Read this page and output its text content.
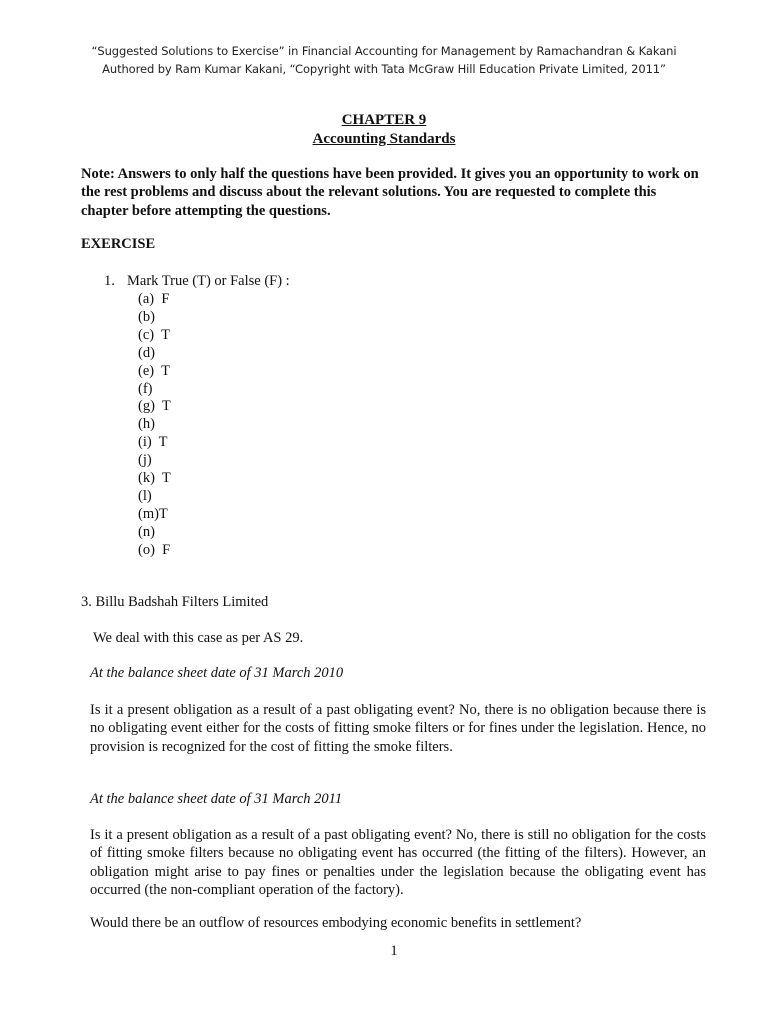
“Suggested Solutions to Exercise” in Financial Accounting for Management by Ramachandran & Kakani
Authored by Ram Kumar Kakani, “Copyright with Tata McGraw Hill Education Private Limited, 2011”
CHAPTER 9
Accounting Standards
Note: Answers to only half the questions have been provided. It gives you an opportunity to work on the rest problems and discuss about the relevant solutions. You are requested to complete this chapter before attempting the questions.
EXERCISE
1. Mark True (T) or False (F) :
(a)  F
(b)
(c)  T
(d)
(e)  T
(f)
(g)  T
(h)
(i)  T
(j)
(k)  T
(l)
(m)T
(n)
(o)  F
3. Billu Badshah Filters Limited
We deal with this case as per AS 29.
At the balance sheet date of 31 March 2010
Is it a present obligation as a result of a past obligating event? No, there is no obligation because there is no obligating event either for the costs of fitting smoke filters or for fines under the legislation. Hence, no provision is recognized for the cost of fitting the smoke filters.
At the balance sheet date of 31 March 2011
Is it a present obligation as a result of a past obligating event? No, there is still no obligation for the costs of fitting smoke filters because no obligating event has occurred (the fitting of the filters). However, an obligation might arise to pay fines or penalties under the legislation because the obligating event has occurred (the non-compliant operation of the factory).
Would there be an outflow of resources embodying economic benefits in settlement?
1
